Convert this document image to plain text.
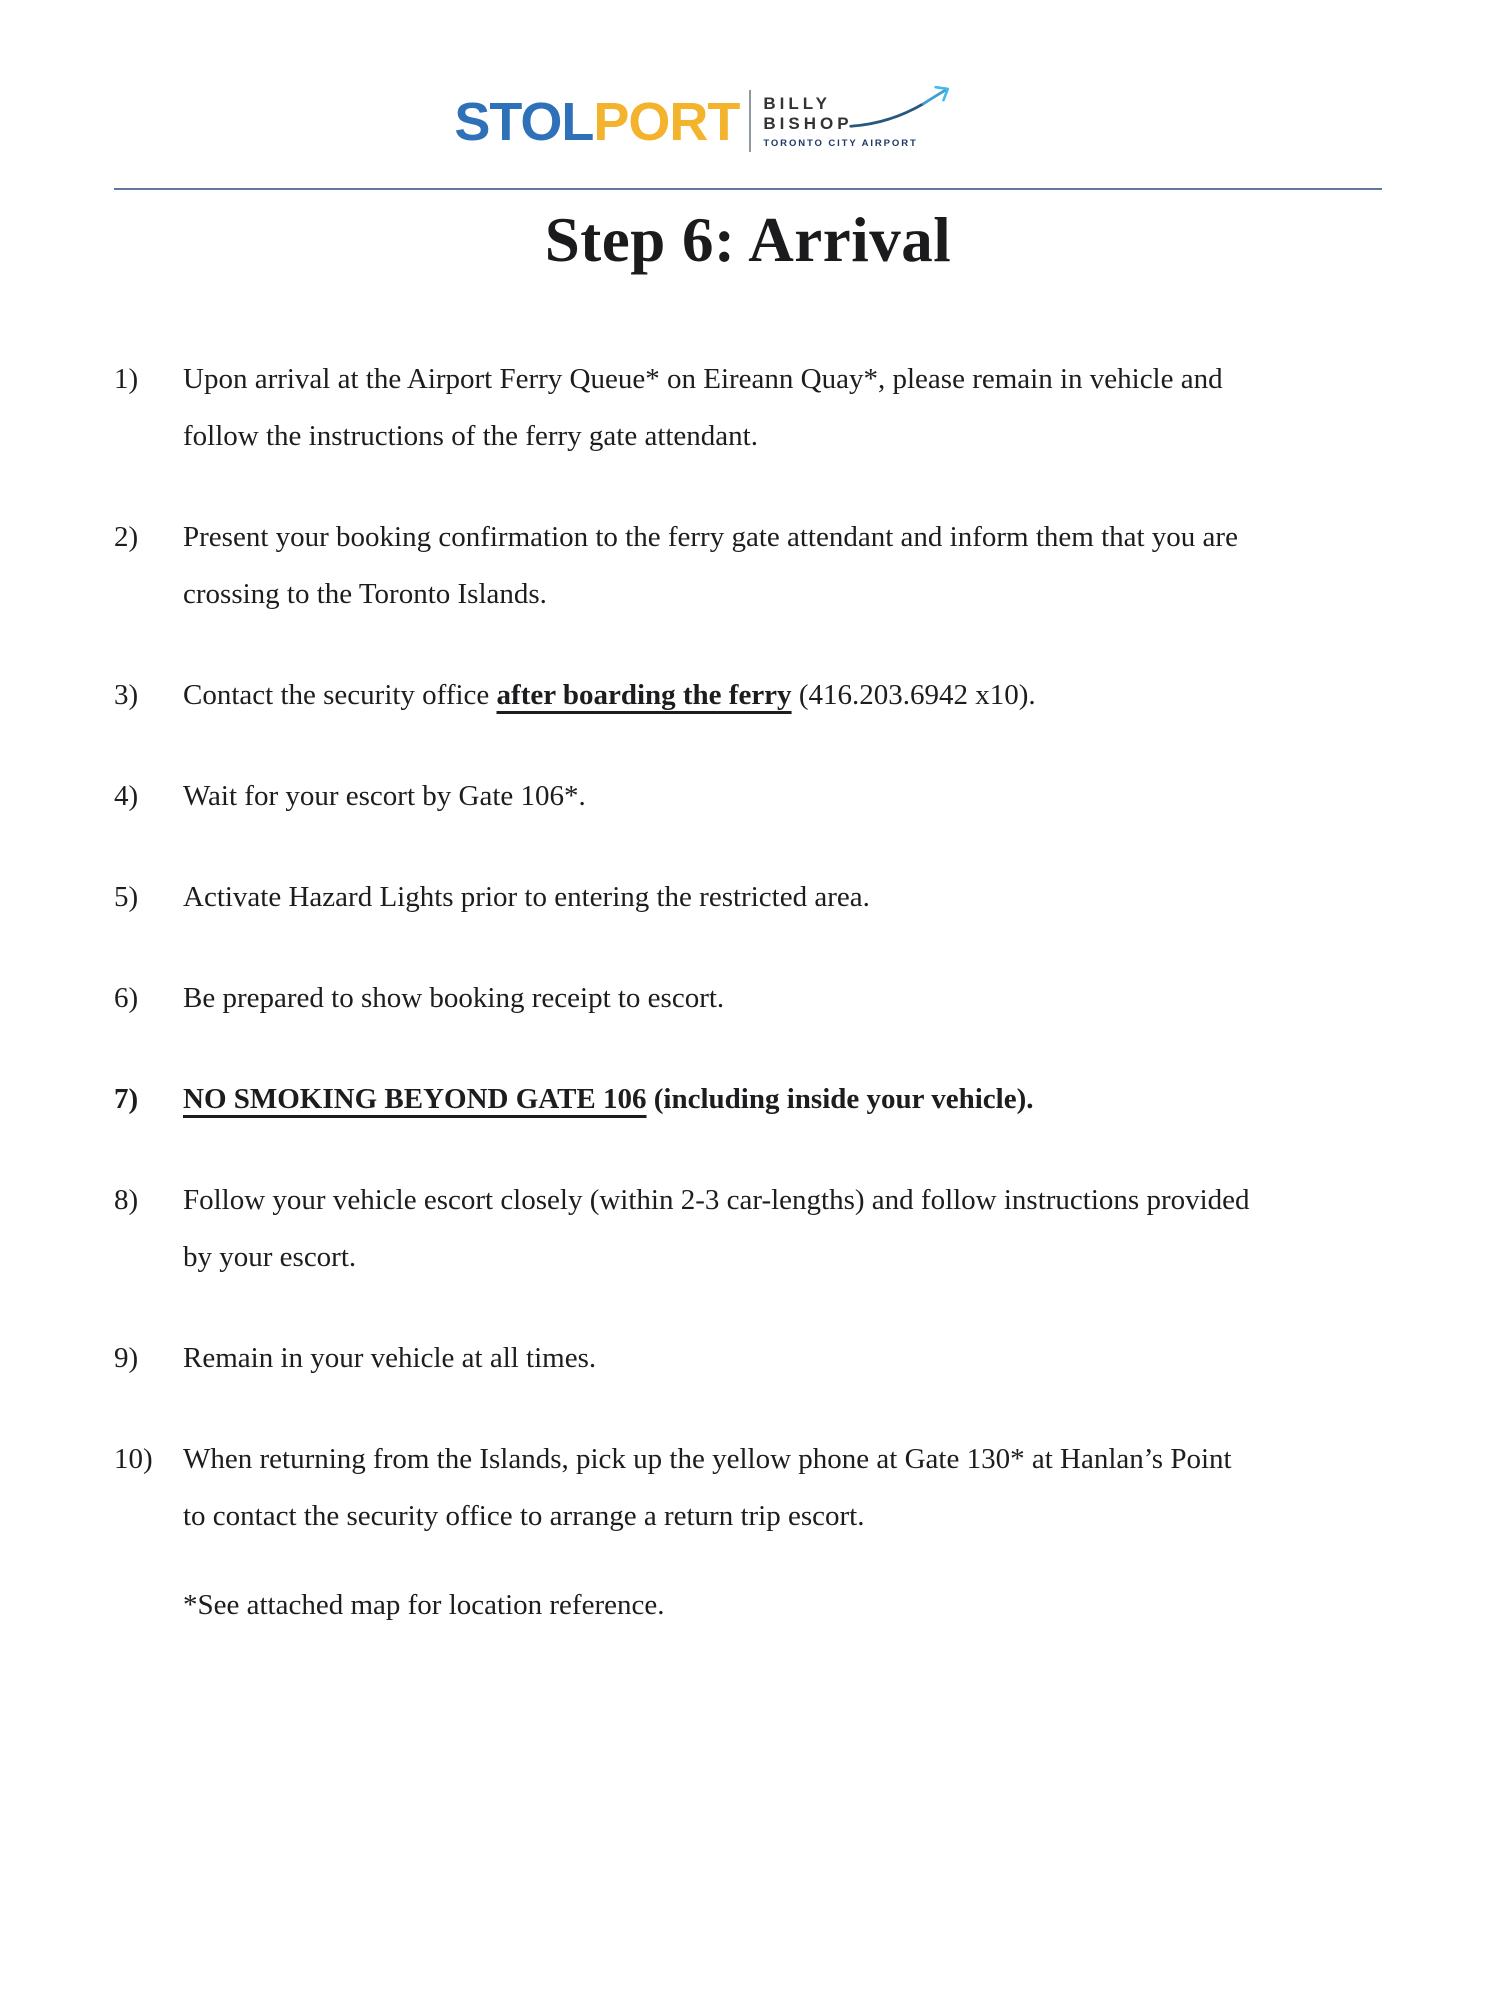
STOLPORT BILLY
BISHOP
TORONTO CITY AIRPORT
Step 6: Arrival
1)	Upon arrival at the Airport Ferry Queue* on Eireann Quay*, please remain in vehicle and follow the instructions of the ferry gate attendant.

2)	Present your booking confirmation to the ferry gate attendant and inform them that you are crossing to the Toronto Islands.

3)	Contact the security office after boarding the ferry (416.203.6942 x10).

4)	Wait for your escort by Gate 106*.

5)	Activate Hazard Lights prior to entering the restricted area.

6)	Be prepared to show booking receipt to escort.

7)	NO SMOKING BEYOND GATE 106 (including inside your vehicle).

8)	Follow your vehicle escort closely (within 2-3 car-lengths) and follow instructions provided by your escort.

9)	Remain in your vehicle at all times.

10)	When returning from the Islands, pick up the yellow phone at Gate 130* at Hanlan’s Point to contact the security office to arrange a return trip escort.

*See attached map for location reference.
